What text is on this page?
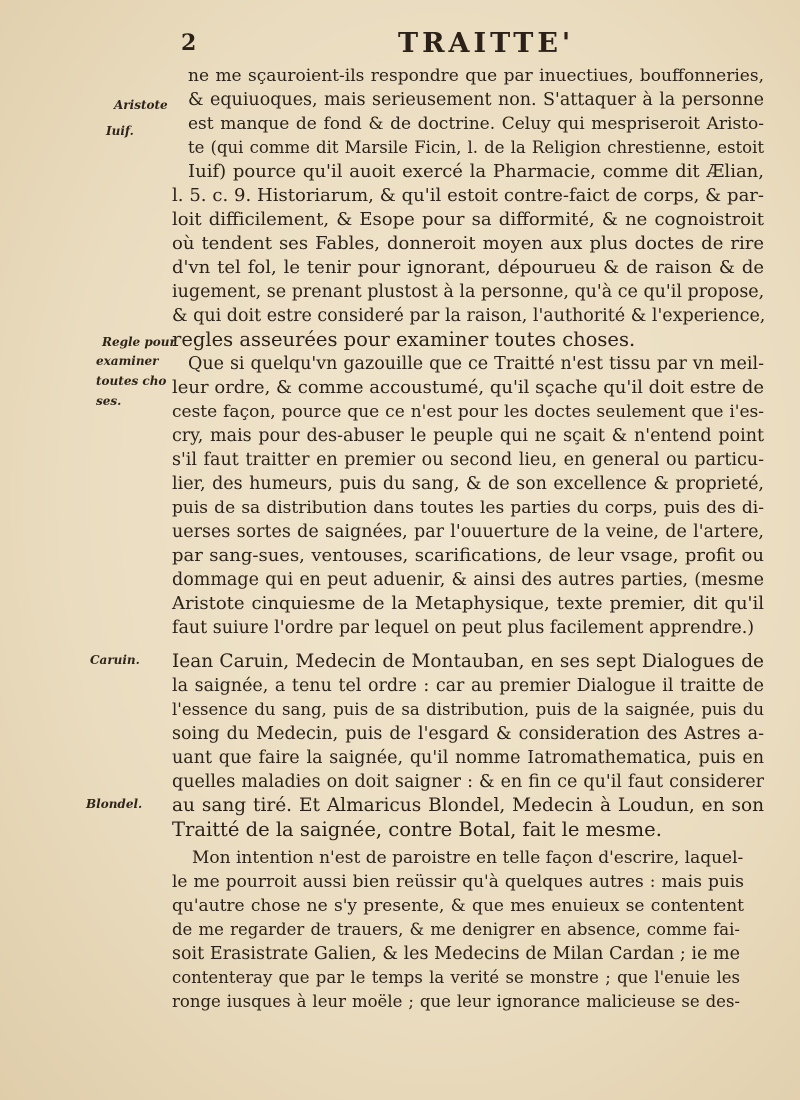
2	TRAITTE'
Aristote
Iuif.
Regle pour
examiner
toutes cho
ses.
Caruin.
Blondel.
ne me sçauroient-ils respondre que par inuectiues, bouffonneries,
& equiuoques, mais serieusement non. S'attaquer à la personne
est manque de fond & de doctrine. Celuy qui mespriseroit Aristo-
te (qui comme dit Marsile Ficin, l. de la Religion chrestienne, estoit
Iuif) pource qu'il auoit exercé la Pharmacie, comme dit Ælian,
l. 5. c. 9. Historiarum, & qu'il estoit contre-faict de corps, & par-
loit difficilement, & Esope pour sa difformité, & ne cognoistroit
où tendent ses Fables, donneroit moyen aux plus doctes de rire
d'vn tel fol, le tenir pour ignorant, dépourueu & de raison & de
iugement, se prenant plustost à la personne, qu'à ce qu'il propose,
& qui doit estre consideré par la raison, l'authorité & l'experience,
regles asseurées pour examiner toutes choses.
Que si quelqu'vn gazouille que ce Traitté n'est tissu par vn meil-
leur ordre, & comme accoustumé, qu'il sçache qu'il doit estre de
ceste façon, pource que ce n'est pour les doctes seulement que i'es-
cry, mais pour des-abuser le peuple qui ne sçait & n'entend point
s'il faut traitter en premier ou second lieu, en general ou particu-
lier, des humeurs, puis du sang, & de son excellence & proprieté,
puis de sa distribution dans toutes les parties du corps, puis des di-
uerses sortes de saignées, par l'ouuerture de la veine, de l'artere,
par sang-sues, ventouses, scarifications, de leur vsage, profit ou
dommage qui en peut aduenir, & ainsi des autres parties, (mesme
Aristote cinquiesme de la Metaphysique, texte premier, dit qu'il
faut suiure l'ordre par lequel on peut plus facilement apprendre.)
Iean Caruin, Medecin de Montauban, en ses sept Dialogues de
la saignée, a tenu tel ordre : car au premier Dialogue il traitte de
l'essence du sang, puis de sa distribution, puis de la saignée, puis du
soing du Medecin, puis de l'esgard & consideration des Astres a-
uant que faire la saignée, qu'il nomme Iatromathematica, puis en
quelles maladies on doit saigner : & en fin ce qu'il faut considerer
au sang tiré. Et Almaricus Blondel, Medecin à Loudun, en son
Traitté de la saignée, contre Botal, fait le mesme.
Mon intention n'est de paroistre en telle façon d'escrire, laquel-
le me pourroit aussi bien reüssir qu'à quelques autres : mais puis
qu'autre chose ne s'y presente, & que mes enuieux se contentent
de me regarder de trauers, & me denigrer en absence, comme fai-
soit Erasistrate Galien, & les Medecins de Milan Cardan ; ie me
contenteray que par le temps la verité se monstre ; que l'enuie les
ronge iusques à leur moële ; que leur ignorance malicieuse se des-
